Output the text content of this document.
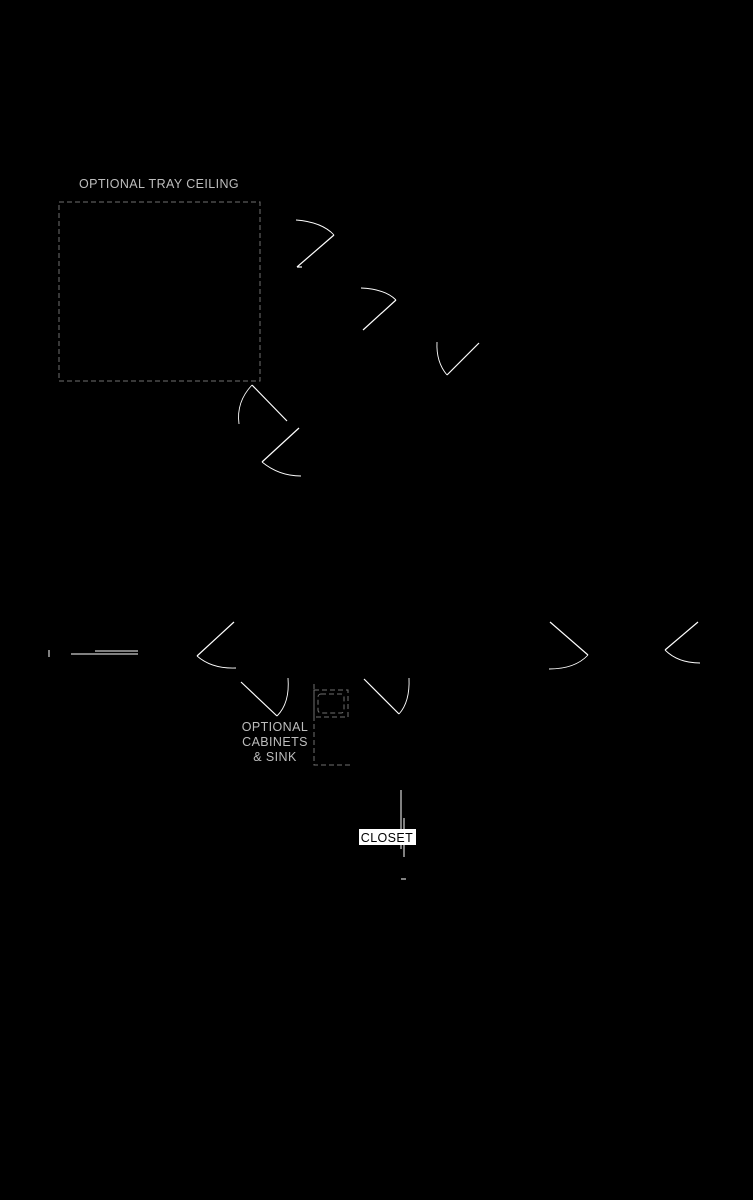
OPTIONAL TRAY CEILING
OPTIONAL
CABINETS
& SINK
CLOSET
